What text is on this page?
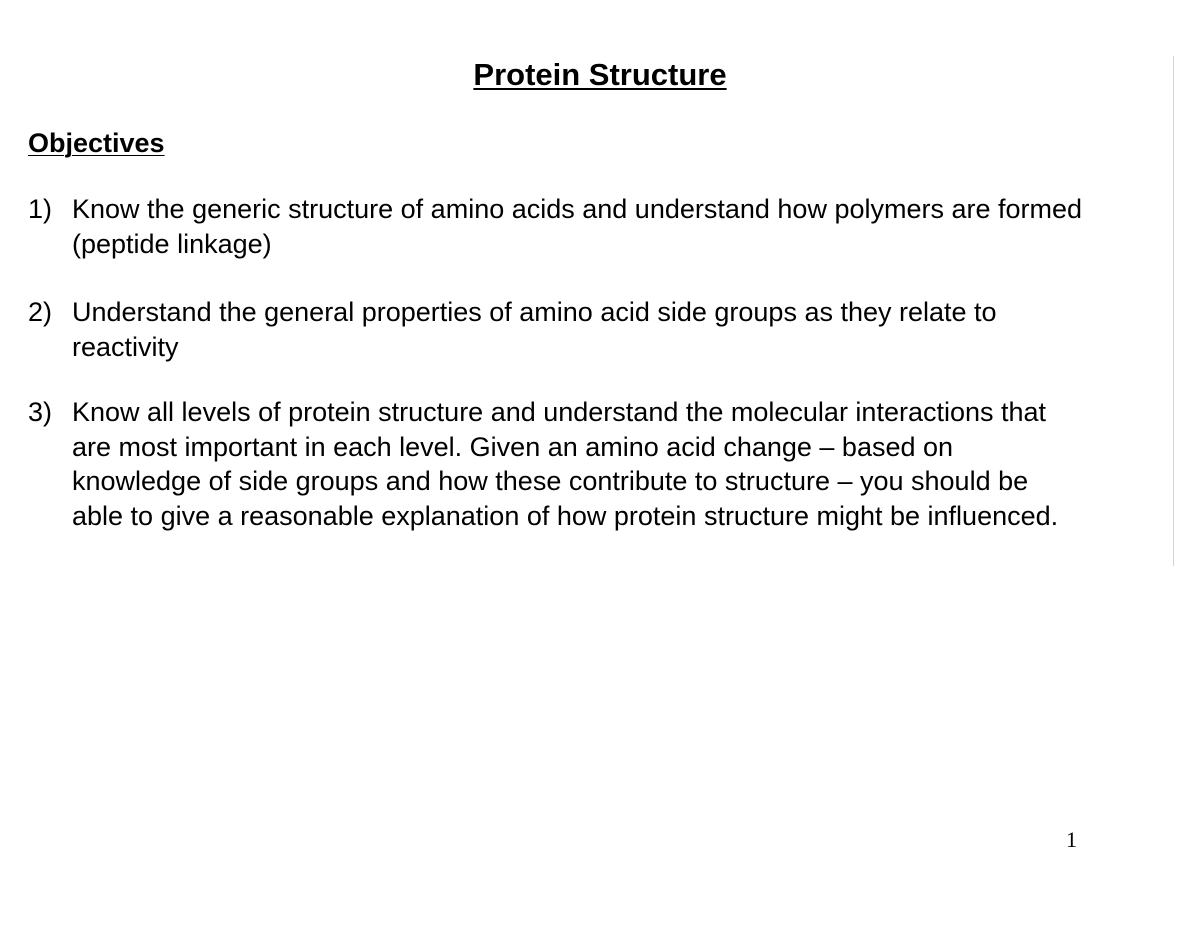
Protein Structure
Objectives
1) Know the generic structure of amino acids and understand how polymers are formed
(peptide linkage)
2) Understand the general properties of amino acid side groups as they relate to
reactivity
3) Know all levels of protein structure and understand the molecular interactions that
are most important in each level. Given an amino acid change – based on
knowledge of side groups and how these contribute to structure – you should be
able to give a reasonable explanation of how protein structure might be influenced.
1
